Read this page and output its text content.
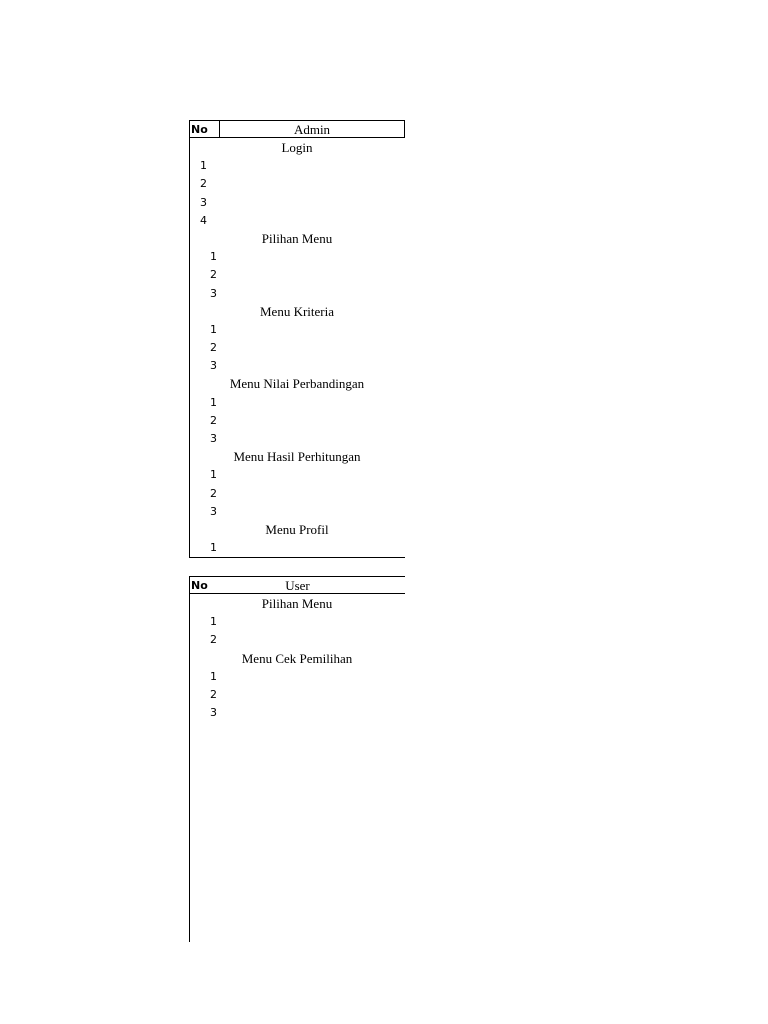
No	Admin
Login
1
2
3
4
Pilihan Menu
1
2
3
Menu Kriteria
1
2
3
Menu Nilai Perbandingan
1
2
3
Menu Hasil Perhitungan
1
2
3
Menu Profil
1
No	User
Pilihan Menu
1
2
Menu Cek Pemilihan
1
2
3
